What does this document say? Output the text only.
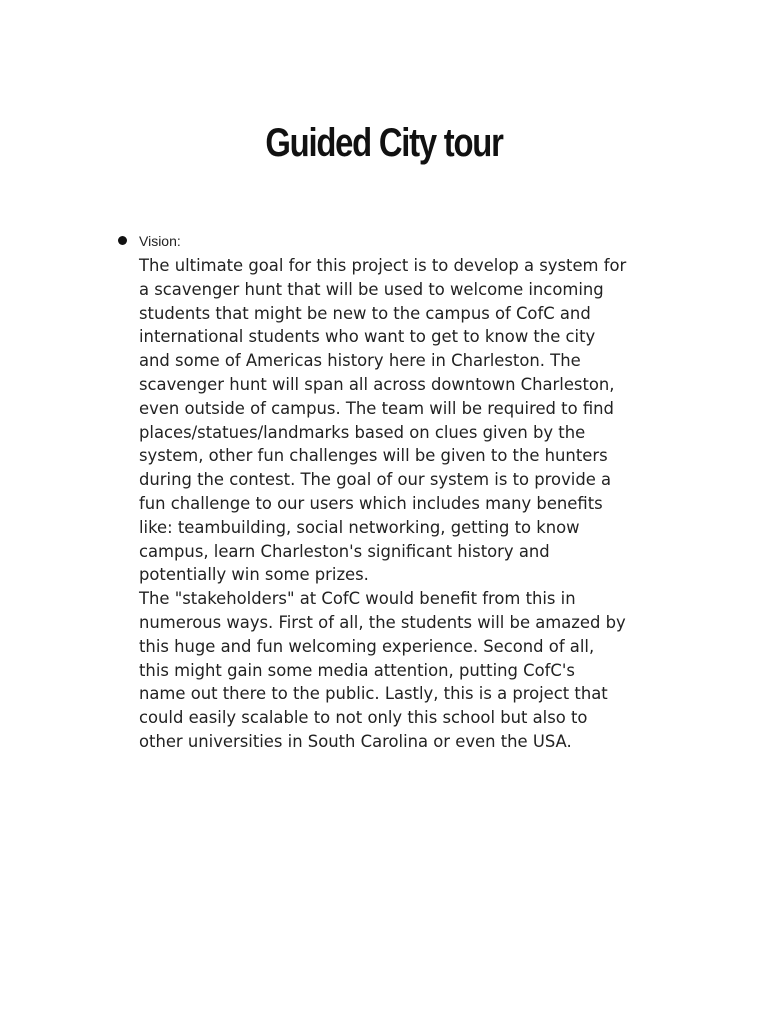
Guided City tour
Vision:

The ultimate goal for this project is to develop a system for
a scavenger hunt that will be used to welcome incoming
students that might be new to the campus of CofC and
international students who want to get to know the city
and some of Americas history here in Charleston. The
scavenger hunt will span all across downtown Charleston,
even outside of campus. The team will be required to find
places/statues/landmarks based on clues given by the
system, other fun challenges will be given to the hunters
during the contest. The goal of our system is to provide a
fun challenge to our users which includes many benefits
like: teambuilding, social networking, getting to know
campus, learn Charleston's significant history and
potentially win some prizes.

The "stakeholders" at CofC would benefit from this in
numerous ways. First of all, the students will be amazed by
this huge and fun welcoming experience. Second of all,
this might gain some media attention, putting CofC's
name out there to the public. Lastly, this is a project that
could easily scalable to not only this school but also to
other universities in South Carolina or even the USA.
